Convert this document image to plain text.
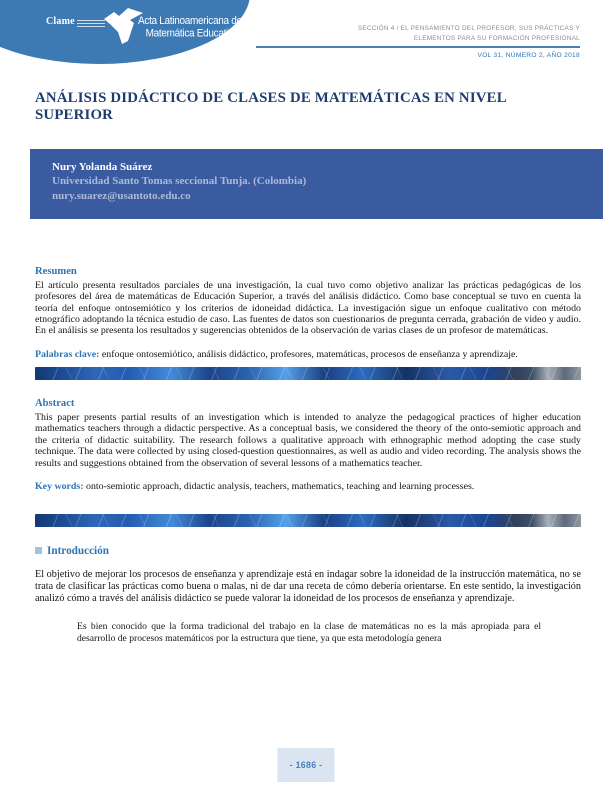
Clame	Acta Latinoamericana de
Matemática Educativa	SECCIÓN 4 / EL PENSAMIENTO DEL PROFESOR, SUS PRÁCTICAS Y
ELEMENTOS PARA SU FORMACIÓN PROFESIONAL
VOL 31, NÚMERO 2, AÑO 2018
ANÁLISIS DIDÁCTICO DE CLASES DE MATEMÁTICAS EN NIVEL SUPERIOR
Nury Yolanda Suárez
Universidad Santo Tomas seccional Tunja. (Colombia)
nury.suarez@usantoto.edu.co
Resumen

El artículo presenta resultados parciales de una investigación, la cual tuvo como objetivo analizar las prácticas pedagógicas de los profesores del área de matemáticas de Educación Superior, a través del análisis didáctico. Como base conceptual se tuvo en cuenta la teoría del enfoque ontosemiótico y los criterios de idoneidad didáctica. La investigación sigue un enfoque cualitativo con método etnográfico adoptando la técnica estudio de caso. Las fuentes de datos son cuestionarios de pregunta cerrada, grabación de video y audio. En el análisis se presenta los resultados y sugerencias obtenidos de la observación de varias clases de un profesor de matemáticas.

Palabras clave: enfoque ontosemiótico, análisis didáctico, profesores, matemáticas, procesos de enseñanza y aprendizaje.

Abstract

This paper presents partial results of an investigation which is intended to analyze the pedagogical practices of higher education mathematics teachers through a didactic perspective. As a conceptual basis, we considered the theory of the onto-semiotic approach and the criteria of didactic suitability. The research follows a qualitative approach with ethnographic method adopting the case study technique. The data were collected by using closed-question questionnaires, as well as audio and video recording. The analysis shows the results and suggestions obtained from the observation of several lessons of a mathematics teacher.

Key words: onto-semiotic approach, didactic analysis, teachers, mathematics, teaching and learning processes.

Introducción

El objetivo de mejorar los procesos de enseñanza y aprendizaje está en indagar sobre la idoneidad de la instrucción matemática, no se trata de clasificar las prácticas como buena o malas, ni de dar una receta de cómo debería orientarse. En este sentido, la investigación analizó cómo a través del análisis didáctico se puede valorar la idoneidad de los procesos de enseñanza y aprendizaje.

Es bien conocido que la forma tradicional del trabajo en la clase de matemáticas no es la más apropiada para el desarrollo de procesos matemáticos por la estructura que tiene, ya que esta metodología genera

- 1686 -
